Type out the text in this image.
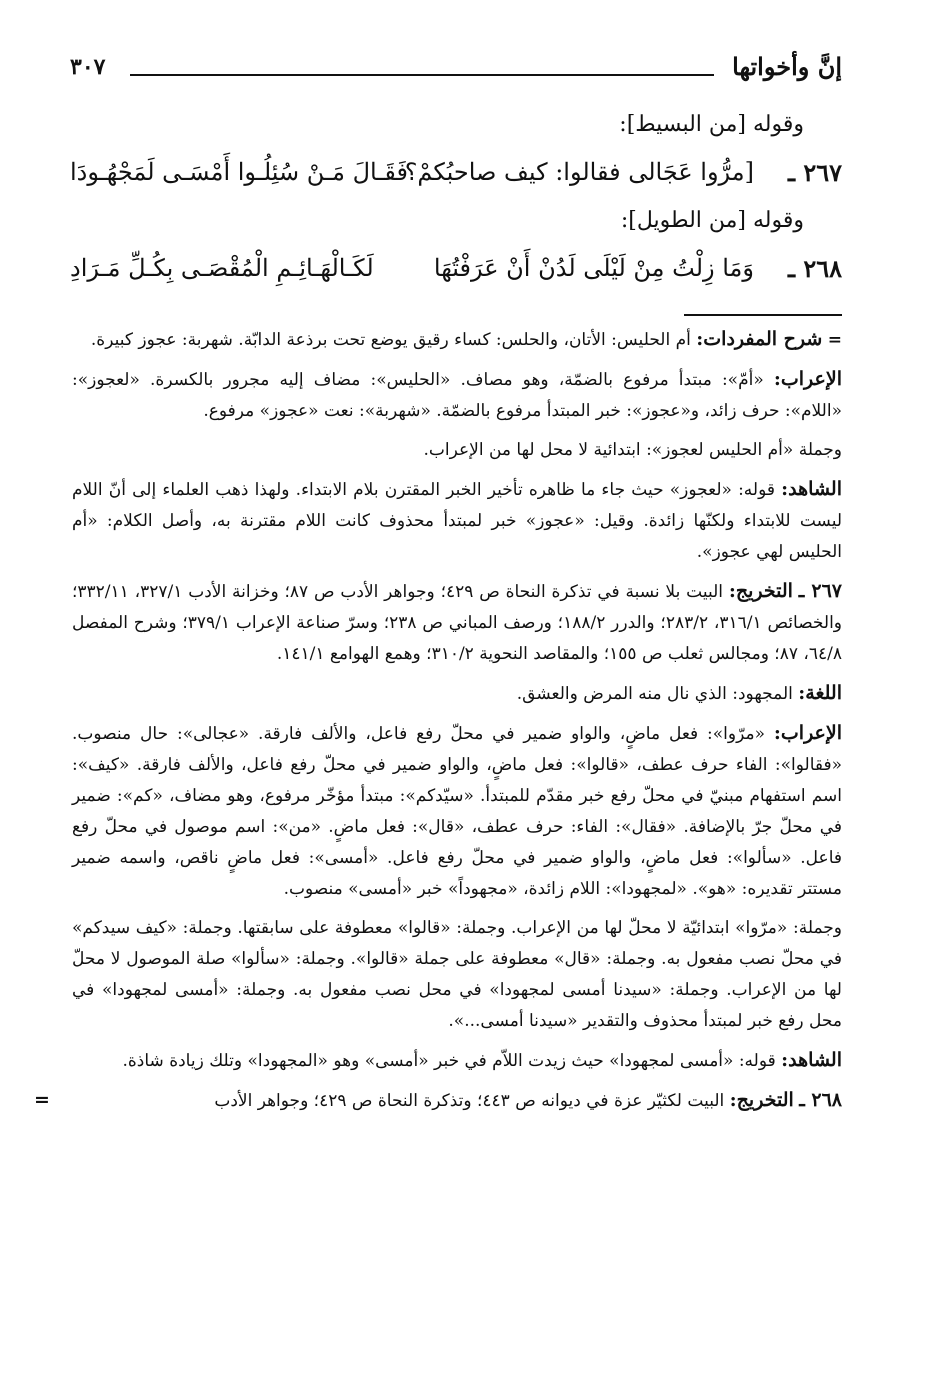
إنَّ وأخواتها
٣٠٧
وقوله [من البسيط]:
٢٦٧ ـ
[مرُّوا عَجَالى فقالوا: كيف صاحبُكمْ؟
فَقَـالَ مَـنْ سُئِلُـوا أَمْسَـى لَمَجْهُـودَا
وقوله [من الطويل]:
٢٦٨ ـ
وَمَا زِلْتُ مِنْ لَيْلَى لَدُنْ أَنْ عَرَفْتُهَا
لَكَـالْهَـائِـمِ الْمُقْصَـى بِكُـلِّ مَـرَادِ

= شرح المفردات: أم الحليس: الأتان، والحلس: كساء رقيق يوضع تحت برذعة الدابّة. شهربة: عجوز كبيرة.

الإعراب: «أمّ»: مبتدأ مرفوع بالضمّة، وهو مصاف. «الحليس»: مضاف إليه مجرور بالكسرة. «لعجوز»: «اللام»: حرف زائد، و«عجوز»: خبر المبتدأ مرفوع بالضمّة. «شهربة»: نعت «عجوز» مرفوع.

وجملة «أم الحليس لعجوز»: ابتدائية لا محل لها من الإعراب.

الشاهد: قوله: «لعجوز» حيث جاء ما ظاهره تأخير الخبر المقترن بلام الابتداء. ولهذا ذهب العلماء إلى أنّ اللام ليست للابتداء ولكنّها زائدة. وقيل: «عجوز» خبر لمبتدأ محذوف كانت اللام مقترنة به، وأصل الكلام: «أم الحليس لهي عجوز».

٢٦٧ ـ التخريج: البيت بلا نسبة في تذكرة النحاة ص ٤٢٩؛ وجواهر الأدب ص ٨٧؛ وخزانة الأدب ٣٢٧/١، ٣٣٢/١١؛ والخصائص ٣١٦/١، ٢٨٣/٢؛ والدرر ١٨٨/٢؛ ورصف المباني ص ٢٣٨؛ وسرّ صناعة الإعراب ٣٧٩/١؛ وشرح المفصل ٦٤/٨، ٨٧؛ ومجالس ثعلب ص ١٥٥؛ والمقاصد النحوية ٣١٠/٢؛ وهمع الهوامع ١٤١/١.

اللغة: المجهود: الذي نال منه المرض والعشق.

الإعراب: «مرّوا»: فعل ماضٍ، والواو ضمير في محلّ رفع فاعل، والألف فارقة. «عجالى»: حال منصوب. «فقالوا»: الفاء حرف عطف، «قالوا»: فعل ماضٍ، والواو ضمير في محلّ رفع فاعل، والألف فارقة. «كيف»: اسم استفهام مبنيّ في محلّ رفع خبر مقدّم للمبتدأ. «سيّدكم»: مبتدأ مؤخّر مرفوع، وهو مضاف، «كم»: ضمير في محلّ جرّ بالإضافة. «فقال»: الفاء: حرف عطف، «قال»: فعل ماضٍ. «من»: اسم موصول في محلّ رفع فاعل. «سألوا»: فعل ماضٍ، والواو ضمير في محلّ رفع فاعل. «أمسى»: فعل ماضٍ ناقص، واسمه ضمير مستتر تقديره: «هو». «لمجهودا»: اللام زائدة، «مجهوداً» خبر «أمسى» منصوب.

وجملة: «مرّوا» ابتدائيّة لا محلّ لها من الإعراب. وجملة: «قالوا» معطوفة على سابقتها. وجملة: «كيف سيدكم» في محلّ نصب مفعول به. وجملة: «قال» معطوفة على جملة «قالوا». وجملة: «سألوا» صلة الموصول لا محلّ لها من الإعراب. وجملة: «سيدنا أمسى لمجهودا» في محل نصب مفعول به. وجملة: «أمسى لمجهودا» في محل رفع خبر لمبتدأ محذوف والتقدير «سيدنا أمسى...».

الشاهد: قوله: «أمسى لمجهودا» حيث زيدت اللاّم في خبر «أمسى» وهو «المجهودا» وتلك زيادة شاذة.

٢٦٨ ـ التخريج: البيت لكثيّر عزة في ديوانه ص ٤٤٣؛ وتذكرة النحاة ص ٤٢٩؛ وجواهر الأدب
=
